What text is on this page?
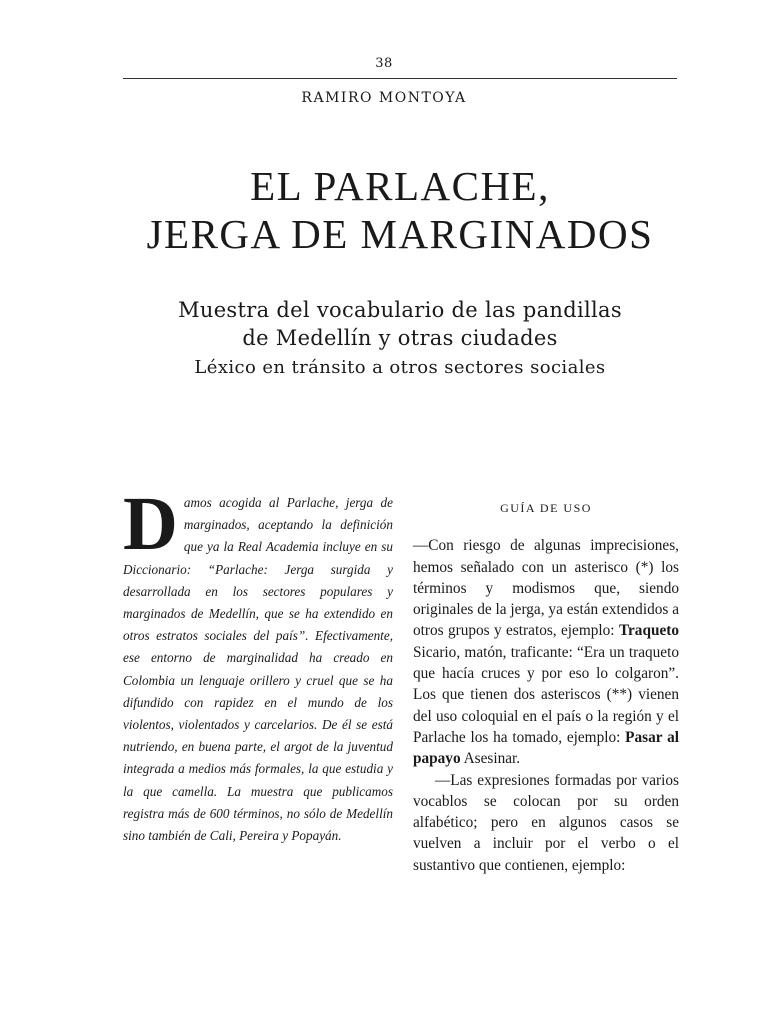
38
RAMIRO MONTOYA
EL PARLACHE,
JERGA DE MARGINADOS
Muestra del vocabulario de las pandillas
de Medellín y otras ciudades
Léxico en tránsito a otros sectores sociales
Damos acogida al Parlache, jerga de marginados, aceptando la definición que ya la Real Academia incluye en su Diccionario: “Parlache: Jerga surgida y desarrollada en los sectores populares y marginados de Medellín, que se ha extendido en otros estratos sociales del país”. Efectivamente, ese entorno de marginalidad ha creado en Colombia un lenguaje orillero y cruel que se ha difundido con rapidez en el mundo de los violentos, violentados y carcelarios. De él se está nutriendo, en buena parte, el argot de la juventud integrada a medios más formales, la que estudia y la que camella. La muestra que publicamos registra más de 600 términos, no sólo de Medellín sino también de Cali, Pereira y Popayán.
GUÍA DE USO

—Con riesgo de algunas imprecisiones, hemos señalado con un asterisco (*) los términos y modismos que, siendo originales de la jerga, ya están extendidos a otros grupos y estratos, ejemplo: Traqueto Sicario, matón, traficante: “Era un traqueto que hacía cruces y por eso lo colgaron”. Los que tienen dos asteriscos (**) vienen del uso coloquial en el país o la región y el Parlache los ha tomado, ejemplo: Pasar al papayo Asesinar.

—Las expresiones formadas por varios vocablos se colocan por su orden alfabético; pero en algunos casos se vuelven a incluir por el verbo o el sustantivo que contienen, ejemplo:
